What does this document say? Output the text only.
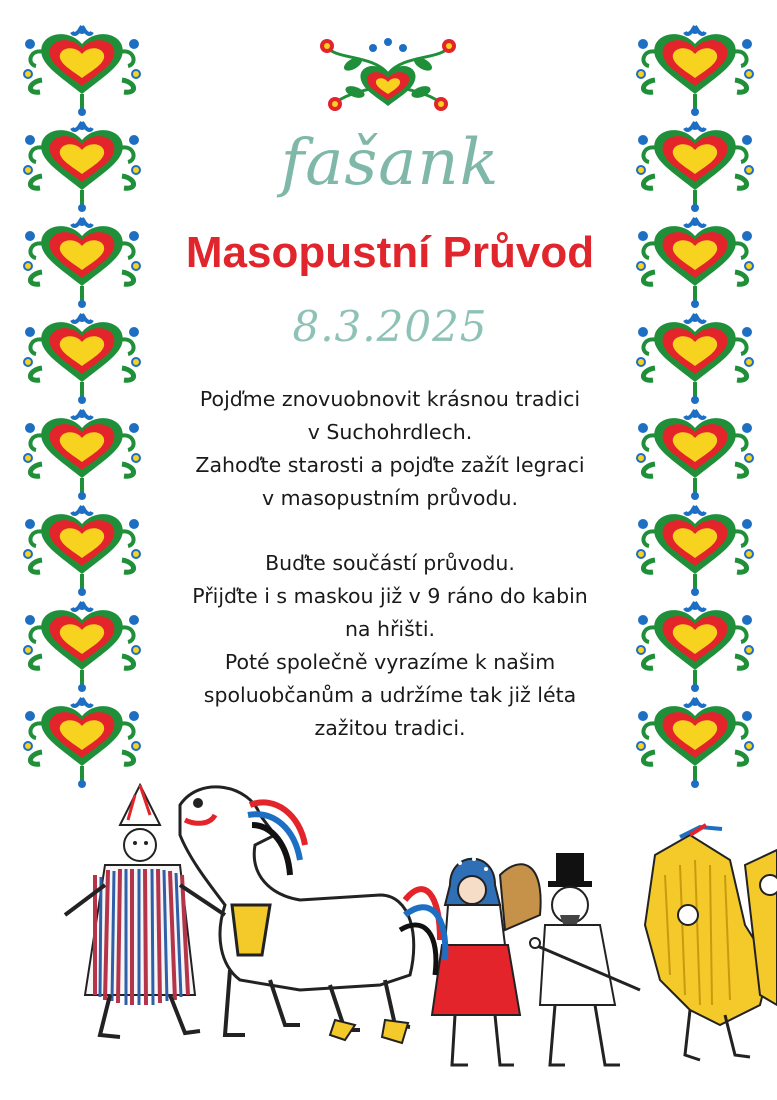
fašank
Masopustní Průvod
8.3.2025
Pojďme znovuobnovit krásnou tradici
v Suchohrdlech.
Zahoďte starosti a pojďte zažít legraci
v masopustním průvodu.
Buďte součástí průvodu.
Přijďte i s maskou již v 9 ráno do kabin
na hřišti.
Poté společně vyrazíme k našim
spoluobčanům a udržíme tak již léta
zažitou tradici.
